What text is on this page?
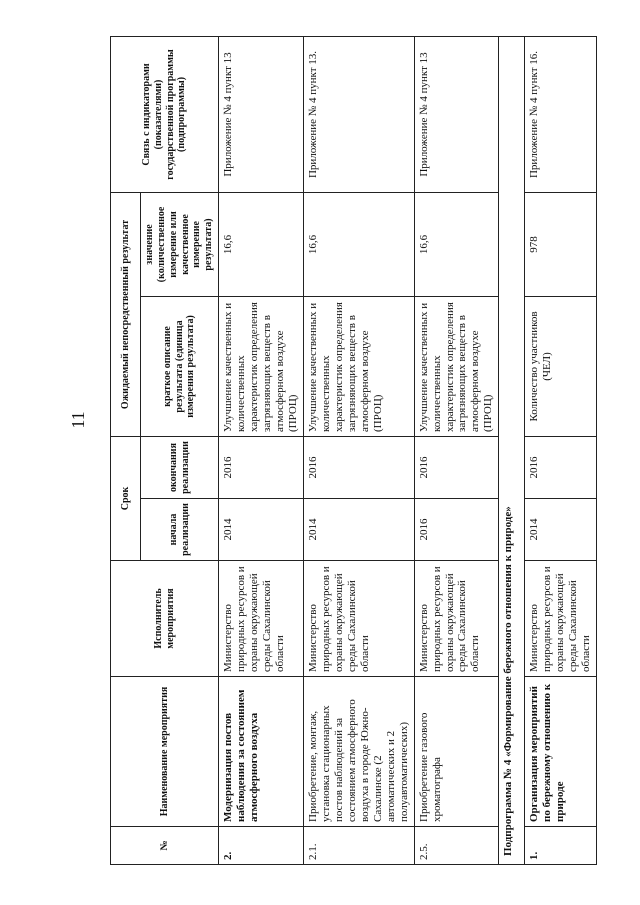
11
№	Наименование мероприятия	Исполнитель мероприятия	Срок		Ожидаемый непосредственный результат		Связь с индикаторами (показателями) государственной программы (подпрограммы)
			начала реализации	окончания реализации	краткое описание результата (единица измерения результата)	значение (количественное измерение или качественное измерение результата)	
2.	Модернизация постов наблюдения за состоянием атмосферного воздуха	Министерство природных ресурсов и охраны окружающей среды Сахалинской области	2014	2016	Улучшение качественных и количественных характеристик определения загрязняющих веществ в атмосферном воздухе (ПРОЦ)	16,6	Приложение № 4 пункт 13
2.1.	Приобретение, монтаж, установка стационарных постов наблюдений за состоянием атмосферного воздуха в городе Южно-Сахалинске (2 автоматических и 2 полуавтоматических)	Министерство природных ресурсов и охраны окружающей среды Сахалинской области	2014	2016	Улучшение качественных и количественных характеристик определения загрязняющих веществ в атмосферном воздухе (ПРОЦ)	16,6	Приложение № 4 пункт 13.
2.5.	Приобретение газового хроматографа	Министерство природных ресурсов и охраны окружающей среды Сахалинской области	2016	2016	Улучшение качественных и количественных характеристик определения загрязняющих веществ в атмосферном воздухе (ПРОЦ)	16,6	Приложение № 4 пункт 13
Подпрограмма № 4 «Формирование бережного отношения к природе»							
1.	Организация мероприятий по бережному отношению к природе	Министерство природных ресурсов и охраны окружающей среды Сахалинской области	2014	2016	Количество участников (ЧЕЛ)	978	Приложение № 4 пункт 16.
